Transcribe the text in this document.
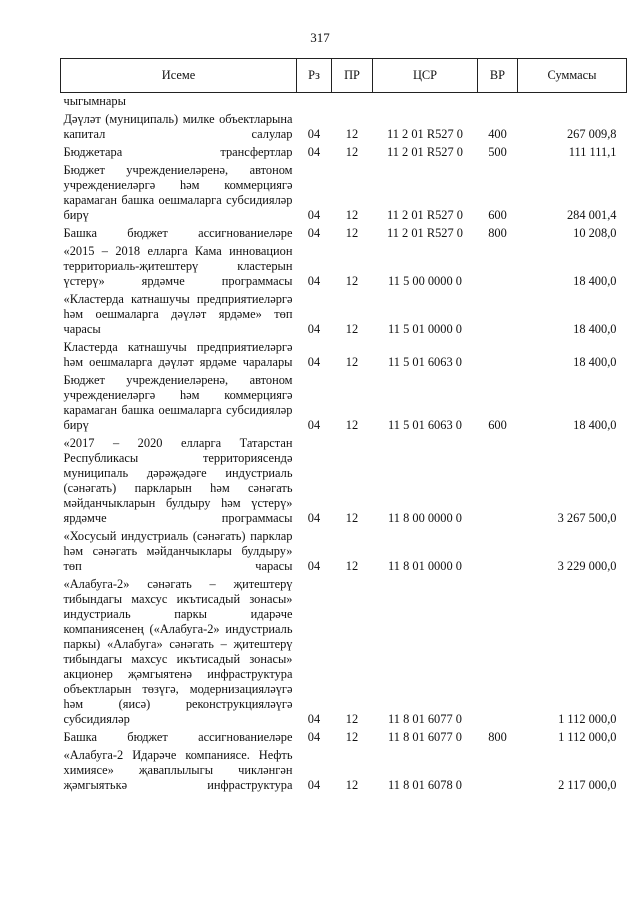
317
Исеме	Рз	ПР	ЦСР	ВР	Суммасы
чыгымнары					
Дәүләт (муниципаль) милке объектларына капитал салулар	04	12	11 2 01 R527 0	400	267 009,8
Бюджетара трансфертлар	04	12	11 2 01 R527 0	500	111 111,1
Бюджет учреждениеләренә, автоном учреждениеләргә һәм коммерциягә карамаган башка оешмаларга субсидияләр бирү	04	12	11 2 01 R527 0	600	284 001,4
Башка бюджет ассигнованиеләре	04	12	11 2 01 R527 0	800	10 208,0
«2015 – 2018 елларга Кама инновацион территориаль-җитештерү кластерын үстерү» ярдәмче программасы	04	12	11 5 00 0000 0		18 400,0
«Кластерда катнашучы предприятиеләргә һәм оешмаларга дәүләт ярдәме» төп чарасы	04	12	11 5 01 0000 0		18 400,0
Кластерда катнашучы предприятиеләргә һәм оешмаларга дәүләт ярдәме чаралары	04	12	11 5 01 6063 0		18 400,0
Бюджет учреждениеләренә, автоном учреждениеләргә һәм коммерциягә карамаган башка оешмаларга субсидияләр бирү	04	12	11 5 01 6063 0	600	18 400,0
«2017 – 2020 елларга Татарстан Республикасы территориясендә муниципаль дәрәҗәдәге индустриаль (сәнәгать) паркларын һәм сәнәгать мәйданчыкларын булдыру һәм үстерү» ярдәмче программасы	04	12	11 8 00 0000 0		3 267 500,0
«Хосусый индустриаль (сәнәгать) парклар һәм сәнәгать мәйданчыклары булдыру» төп чарасы	04	12	11 8 01 0000 0		3 229 000,0
«Алабуга-2» сәнәгать – җитештерү тибындагы махсус икътисадый зонасы» индустриаль паркы идарәче компаниясенең («Алабуга-2» индустриаль паркы) «Алабуга» сәнәгать – җитештерү тибындагы махсус икътисадый зонасы» акционер җәмгыятенә инфраструктура объектларын төзүгә, модернизацияләүгә һәм (яисә) реконструкцияләүгә субсидияләр	04	12	11 8 01 6077 0		1 112 000,0
Башка бюджет ассигнованиеләре	04	12	11 8 01 6077 0	800	1 112 000,0
«Алабуга-2 Идарәче компаниясе. Нефть химиясе» җаваплылыгы чикләнгән җәмгыятькә инфраструктура	04	12	11 8 01 6078 0		2 117 000,0
